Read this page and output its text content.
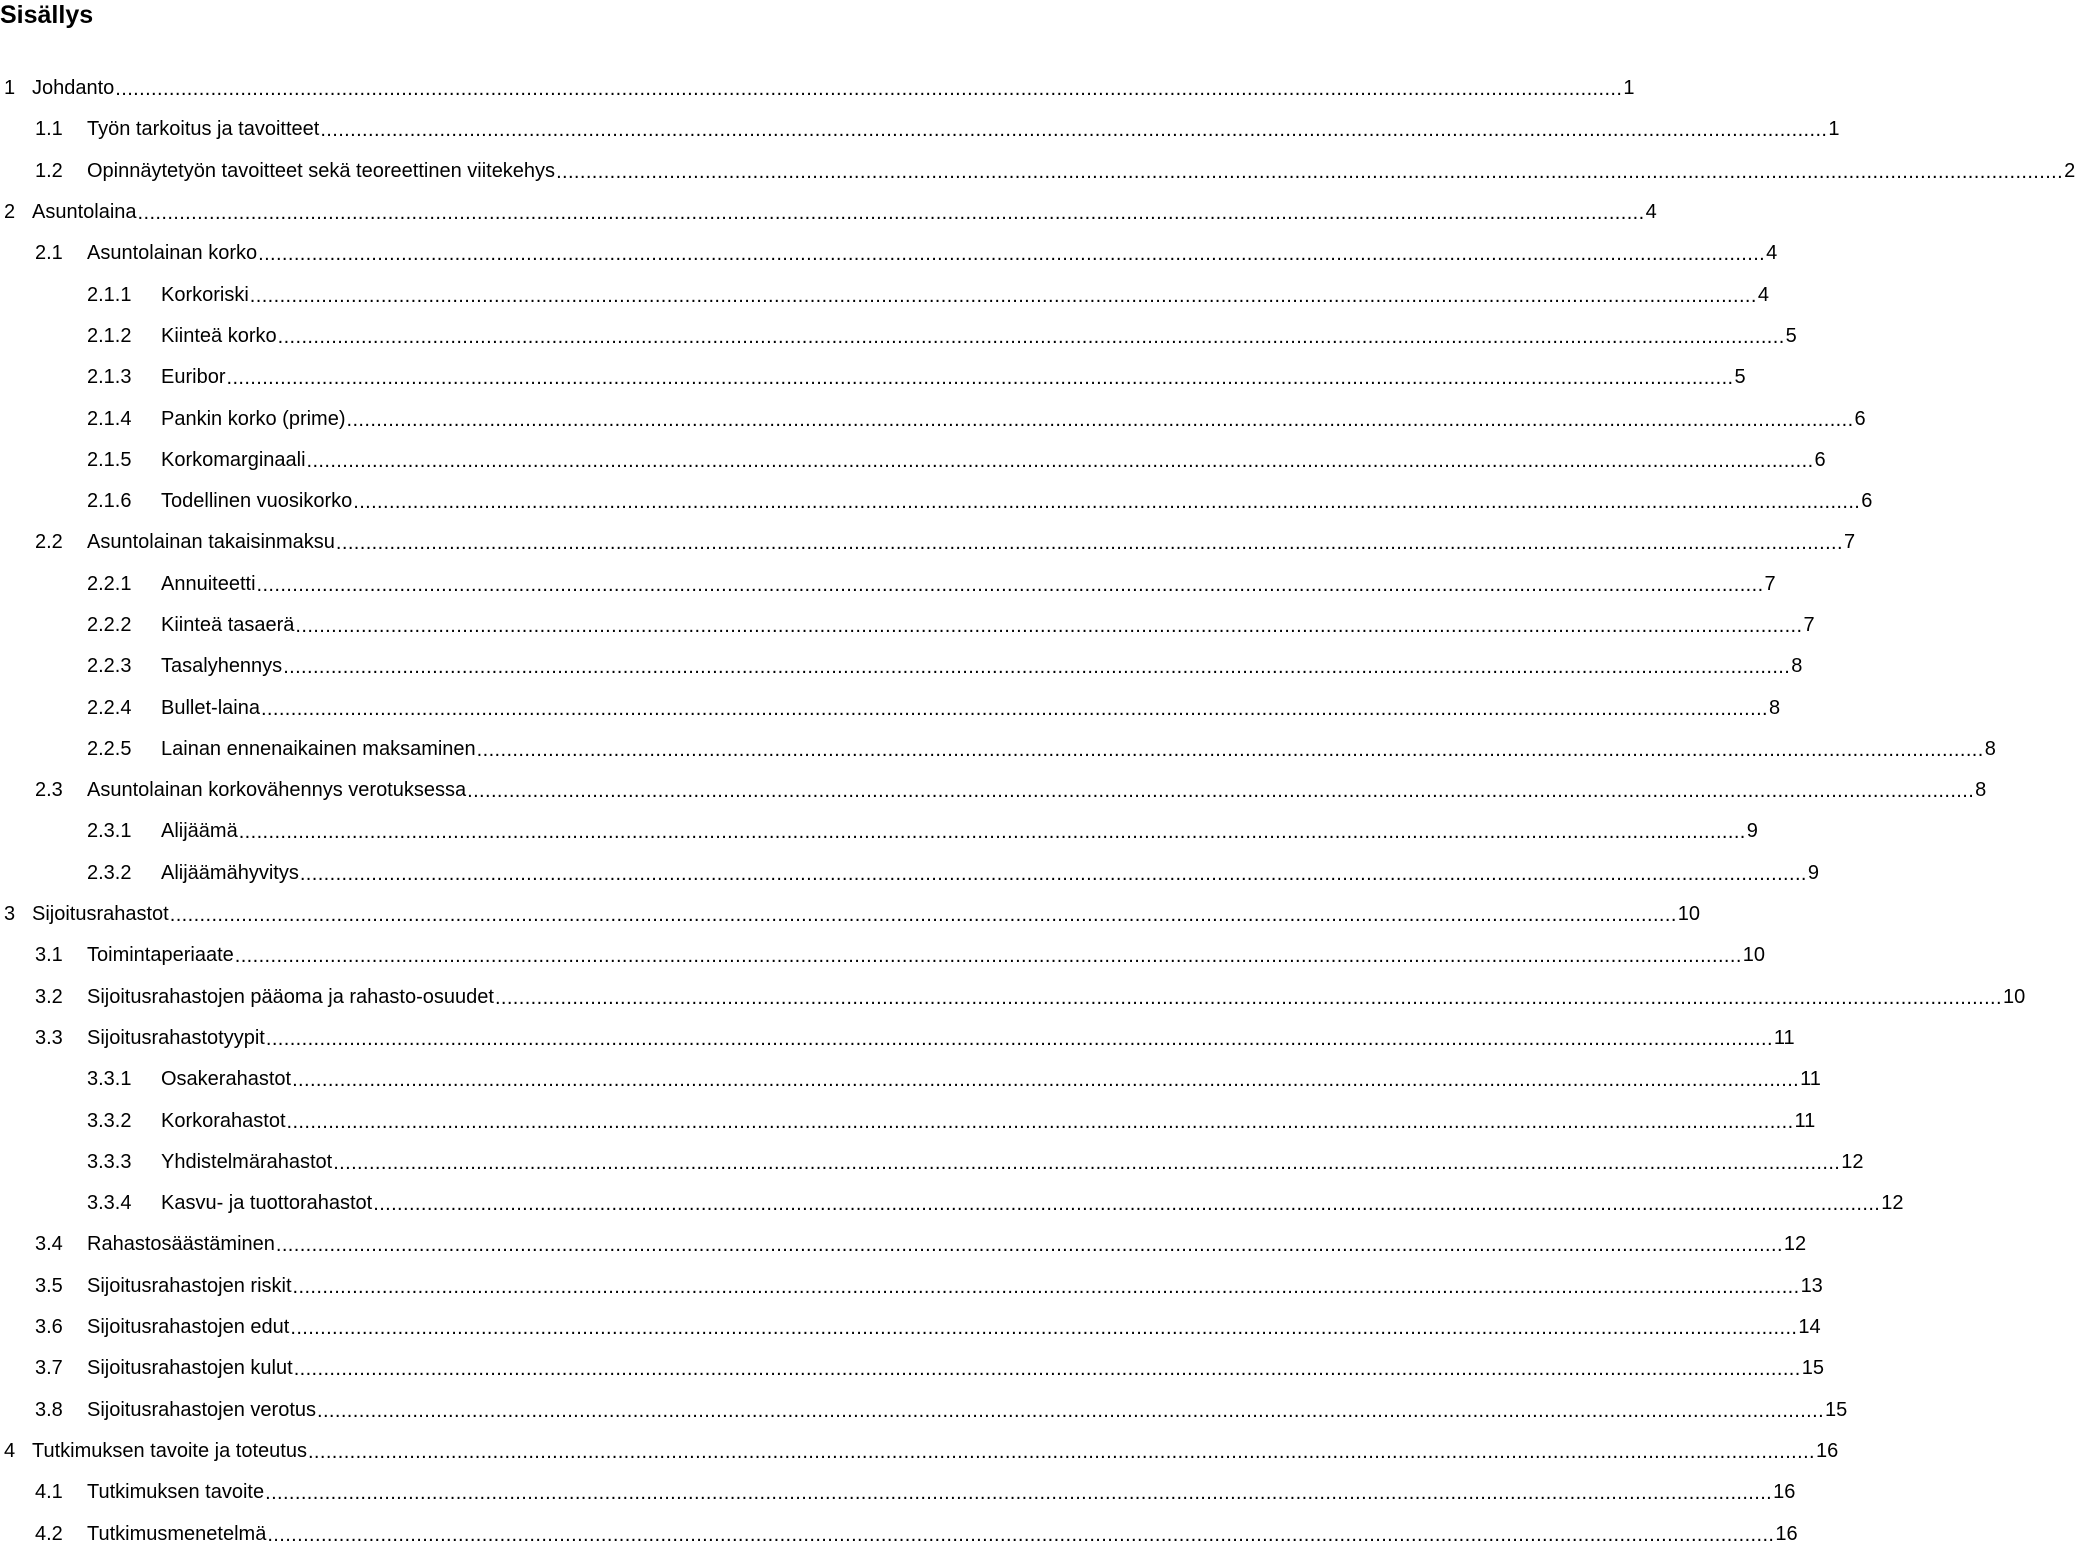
Sisällys
1 Johdanto ............................................................................................................................................................................................................................................................. 1
1.1	Työn tarkoitus ja tavoitteet ............................................................................................................................................................................................................................................................. 1
1.2	Opinnäytetyön tavoitteet sekä teoreettinen viitekehys ............................................................................................................................................................................................................................................................. 2
2 Asuntolaina ............................................................................................................................................................................................................................................................. 4
2.1	Asuntolainan korko ............................................................................................................................................................................................................................................................. 4
2.1.1	Korkoriski ............................................................................................................................................................................................................................................................. 4
2.1.2	Kiinteä korko ............................................................................................................................................................................................................................................................. 5
2.1.3	Euribor ............................................................................................................................................................................................................................................................. 5
2.1.4	Pankin korko (prime) ............................................................................................................................................................................................................................................................. 6
2.1.5	Korkomarginaali ............................................................................................................................................................................................................................................................. 6
2.1.6	Todellinen vuosikorko ............................................................................................................................................................................................................................................................. 6
2.2	Asuntolainan takaisinmaksu ............................................................................................................................................................................................................................................................. 7
2.2.1	Annuiteetti ............................................................................................................................................................................................................................................................. 7
2.2.2	Kiinteä tasaerä ............................................................................................................................................................................................................................................................. 7
2.2.3	Tasalyhennys ............................................................................................................................................................................................................................................................. 8
2.2.4	Bullet-laina ............................................................................................................................................................................................................................................................. 8
2.2.5	Lainan ennenaikainen maksaminen ............................................................................................................................................................................................................................................................. 8
2.3	Asuntolainan korkovähennys verotuksessa ............................................................................................................................................................................................................................................................. 8
2.3.1	Alijäämä ............................................................................................................................................................................................................................................................. 9
2.3.2	Alijäämähyvitys ............................................................................................................................................................................................................................................................. 9
3 Sijoitusrahastot ............................................................................................................................................................................................................................................................. 10
3.1	Toimintaperiaate ............................................................................................................................................................................................................................................................. 10
3.2	Sijoitusrahastojen pääoma ja rahasto-osuudet ............................................................................................................................................................................................................................................................. 10
3.3	Sijoitusrahastotyypit ............................................................................................................................................................................................................................................................. 11
3.3.1	Osakerahastot ............................................................................................................................................................................................................................................................. 11
3.3.2	Korkorahastot ............................................................................................................................................................................................................................................................. 11
3.3.3	Yhdistelmärahastot ............................................................................................................................................................................................................................................................. 12
3.3.4	Kasvu- ja tuottorahastot ............................................................................................................................................................................................................................................................. 12
3.4	Rahastosäästäminen ............................................................................................................................................................................................................................................................. 12
3.5	Sijoitusrahastojen riskit ............................................................................................................................................................................................................................................................. 13
3.6	Sijoitusrahastojen edut ............................................................................................................................................................................................................................................................. 14
3.7	Sijoitusrahastojen kulut ............................................................................................................................................................................................................................................................. 15
3.8	Sijoitusrahastojen verotus ............................................................................................................................................................................................................................................................. 15
4 Tutkimuksen tavoite ja toteutus ............................................................................................................................................................................................................................................................. 16
4.1	Tutkimuksen tavoite ............................................................................................................................................................................................................................................................. 16
4.2	Tutkimusmenetelmä ............................................................................................................................................................................................................................................................. 16
